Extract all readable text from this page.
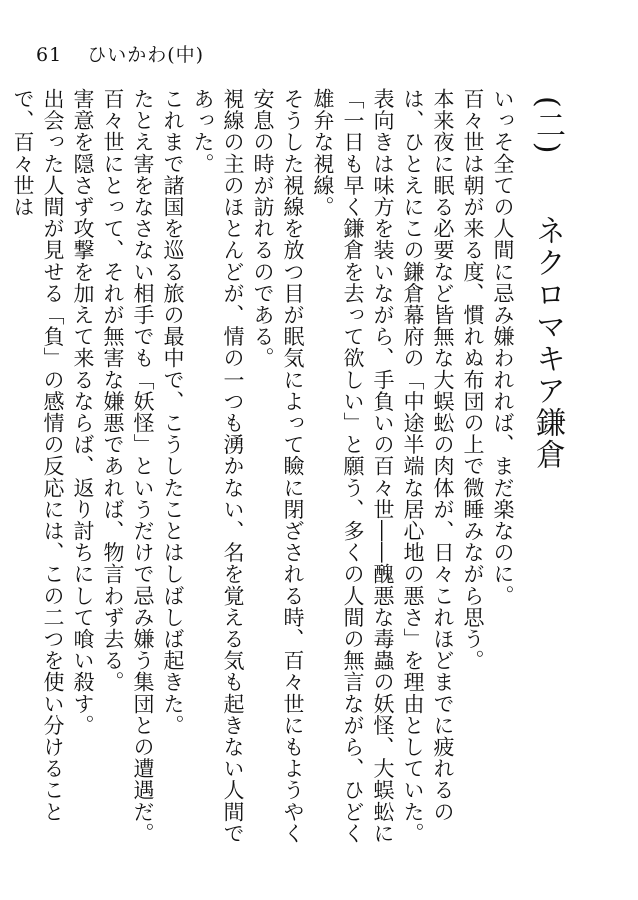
61 ひいかわ(中)
(二) ネクロマキア鎌倉

いっそ全ての人間に忌み嫌われれば、まだ楽なのに。

百々世は朝が来る度、慣れぬ布団の上で微睡みながら思う。

本来夜に眠る必要など皆無な大蜈蚣の肉体が、日々これほどまでに疲れるのは、ひとえにこの鎌倉幕府の「中途半端な居心地の悪さ」を理由としていた。

表向きは味方を装いながら、手負いの百々世――醜悪な毒蟲の妖怪、大蜈蚣に「一日も早く鎌倉を去って欲しい」と願う、多くの人間の無言ながら、ひどく雄弁な視線。

そうした視線を放つ目が眠気によって瞼に閉ざされる時、百々世にもようやく安息の時が訪れるのである。

視線の主のほとんどが、情の一つも湧かない、名を覚える気も起きない人間であった。

これまで諸国を巡る旅の最中で、こうしたことはしばしば起きた。

たとえ害をなさない相手でも「妖怪」というだけで忌み嫌う集団との遭遇だ。

百々世にとって、それが無害な嫌悪であれば、物言わず去る。

害意を隠さず攻撃を加えて来るならば、返り討ちにして喰い殺す。

出会った人間が見せる「負」の感情の反応には、この二つを使い分けることで、百々世は
